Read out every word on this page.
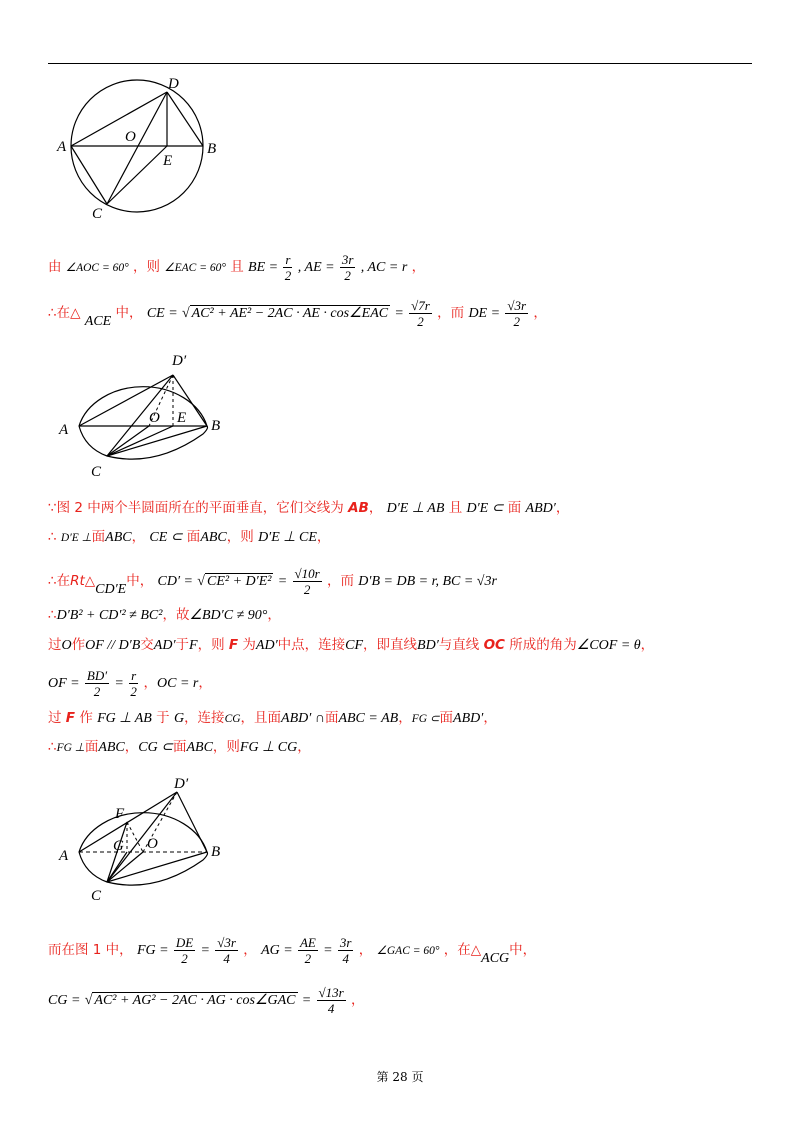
A	B
C
D
O
E
由 ∠AOC = 60° ，则 ∠EAC = 60° 且 BE = $\frac{r}{2}$ , AE = $\frac{3r}{2}$ , AC = r ，
∴在△ ACE 中， CE = √ AC² + AE² − 2AC · AE · cos∠EAC = $\frac{√7r}{2}$ ，而 DE = $\frac{√3r}{2}$ ，
A	B
C
D′
O E
∵图 2 中两个半圆面所在的平面垂直，它们交线为 AB， D′E ⊥ AB 且 D′E ⊂ 面 ABD′，
∴ D′E ⊥面ABC， CE ⊂ 面ABC，则 D′E ⊥ CE，
∴在Rt△CD′E中， CD′ = √ $CE^2 + D'E^2 = \frac{√10r}{2}$ ，而 D′B = DB = r, BC = √3r
∴D′B² + CD′² ≠ BC²，故∠BD′C ≠ 90°，
过O作OF // D′B交AD′于F，则 F 为AD′中点，连接CF，即直线BD′与直线 OC 所成的角为∠COF = θ，
OF = $\frac{BD'}{2} = \frac{r}{2}$ ，OC = r，
过 F 作 FG ⊥ AB 于 G，连接CG，且面ABD′ ∩面ABC = AB，FG ⊂面ABD′，
∴FG ⊥面ABC，CG ⊂面ABC，则FG ⊥ CG，
A	B
C
D′
O
F
G
而在图 1 中， FG = $\frac{DE}{2} = \frac{√3r}{4}$ ， AG = $\frac{AE}{2} = \frac{3r}{4}$ ， ∠GAC = 60° ，在△ACG中，
CG = √ AC² + AG² − 2AC · AG · cos∠GAC = $\frac{√13r}{4}$ ，
第 28 页
